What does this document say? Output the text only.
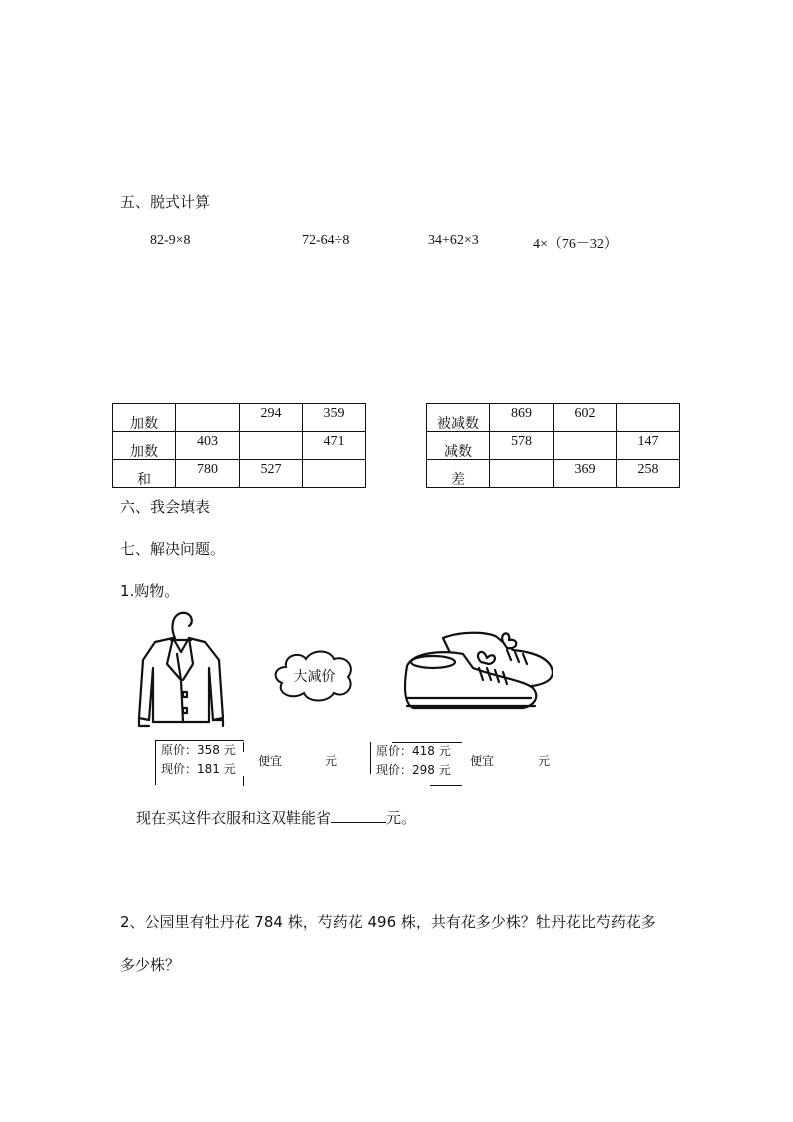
五、脱式计算
82-9×8	72-64÷8	34+62×3	4×（76－32）
加数		294	359
加数	403		471
和	780	527	
被减数	869	602	
减数	578		147
差		369	258
六、我会填表
七、解决问题。
1.购物。
大减价
原价：358 元
现价：181 元
便宜	元
原价：418 元
现价：298 元
便宜	元
现在买这件衣服和这双鞋能省	元。
2、公园里有牡丹花 784 株，芍药花 496 株，共有花多少株？牡丹花比芍药花多
多少株？
